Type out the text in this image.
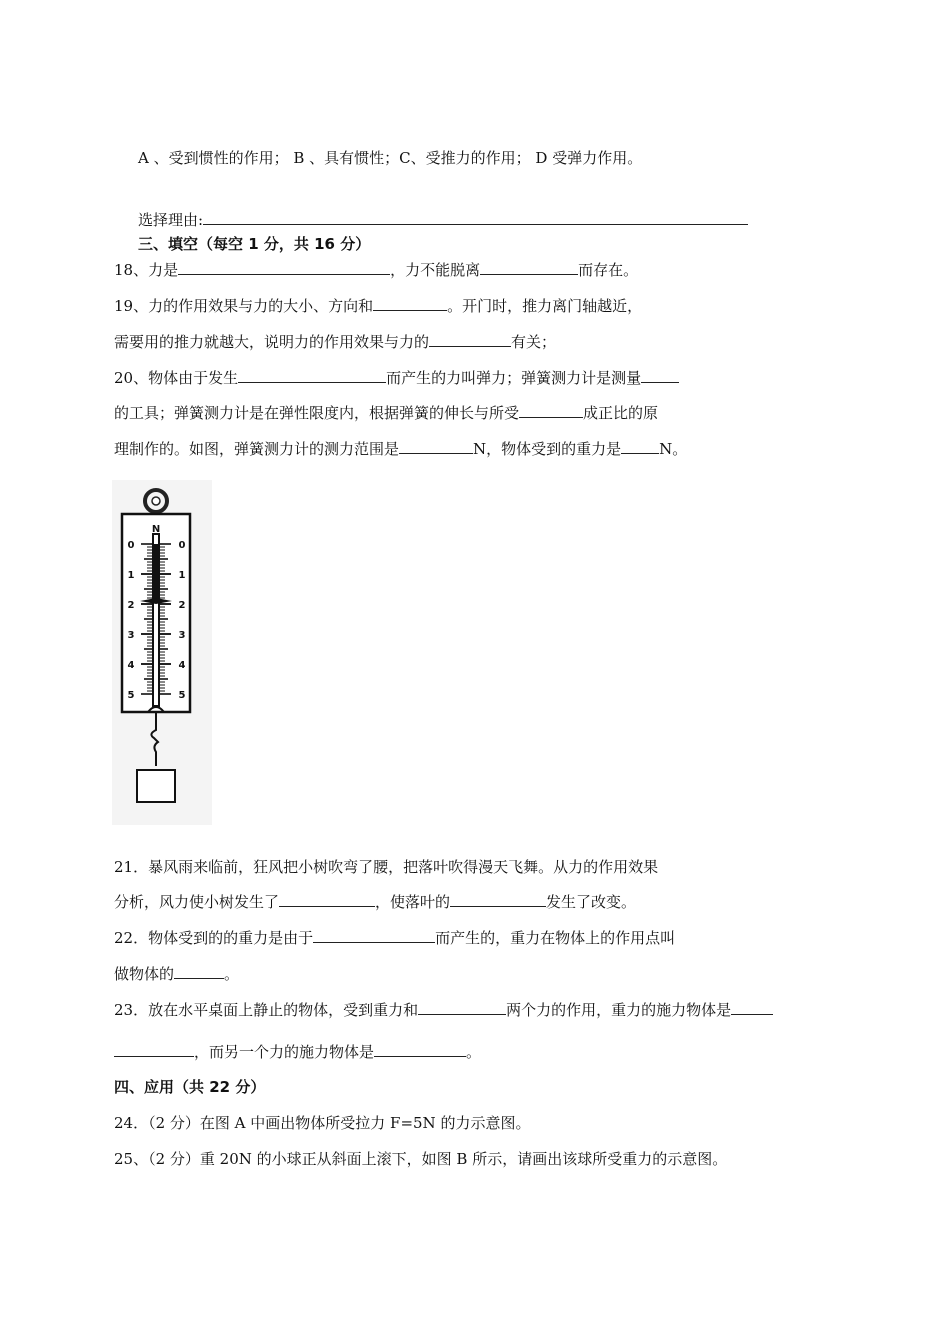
A 、受到惯性的作用； B 、具有惯性；C、受推力的作用； D 受弹力作用。
选择理由:
三、填空（每空 1 分，共 16 分）
18、力是	，力不能脱离	而存在。
19、力的作用效果与力的大小、方向和	。开门时，推力离门轴越近，
需要用的推力就越大，说明力的作用效果与力的	有关；
20、物体由于发生	而产生的力叫弹力；弹簧测力计是测量
的工具；弹簧测力计是在弹性限度内，根据弹簧的伸长与所受	成正比的原
理制作的。如图，弹簧测力计的测力范围是	N，物体受到的重力是	N。
N
0	0
1	1
2	2
3	3
4	4
5	5
21．暴风雨来临前，狂风把小树吹弯了腰，把落叶吹得漫天飞舞。从力的作用效果
分析，风力使小树发生了	，使落叶的	发生了改变。
22．物体受到的的重力是由于	而产生的，重力在物体上的作用点叫
做物体的	。
23．放在水平桌面上静止的物体，受到重力和	两个力的作用，重力的施力物体是
，而另一个力的施力物体是	。
四、应用（共 22 分）
24．（2 分）在图 A 中画出物体所受拉力 F=5N 的力示意图。
25、（2 分）重 20N 的小球正从斜面上滚下，如图 B 所示，请画出该球所受重力的示意图。
